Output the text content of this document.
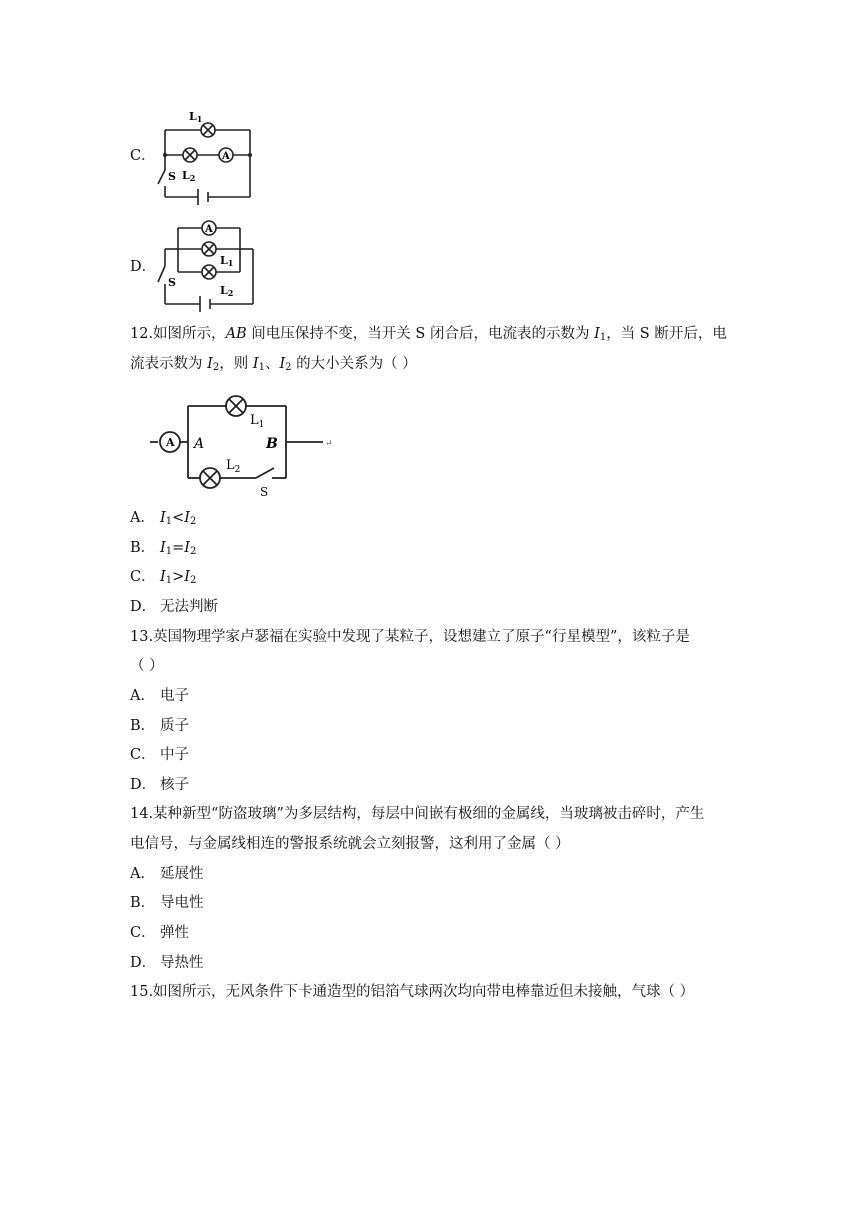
C．
L1
A
L2
S
D．
A
L1
S
L2
12.如图所示，AB 间电压保持不变，当开关 S 闭合后，电流表的示数为 $I_1$，当 S 断开后，电
流表示数为 $I_2$，则 $I_1$、$I_2$ 的大小关系为（ ）
A A	B
$L_1$
$L_2$
S
↵
A． $I_1<I_2$
B． $I_1=I_2$
C． $I_1>I_2$
D． 无法判断
13.英国物理学家卢瑟福在实验中发现了某粒子，设想建立了原子“行星模型”，该粒子是
（ ）
A． 电子
B． 质子
C． 中子
D． 核子
14.某种新型“防盗玻璃”为多层结构，每层中间嵌有极细的金属线，当玻璃被击碎时，产生
电信号，与金属线相连的警报系统就会立刻报警，这利用了金属（ ）
A． 延展性
B． 导电性
C． 弹性
D． 导热性
15.如图所示，无风条件下卡通造型的铝箔气球两次均向带电棒靠近但未接触，气球（ ）
